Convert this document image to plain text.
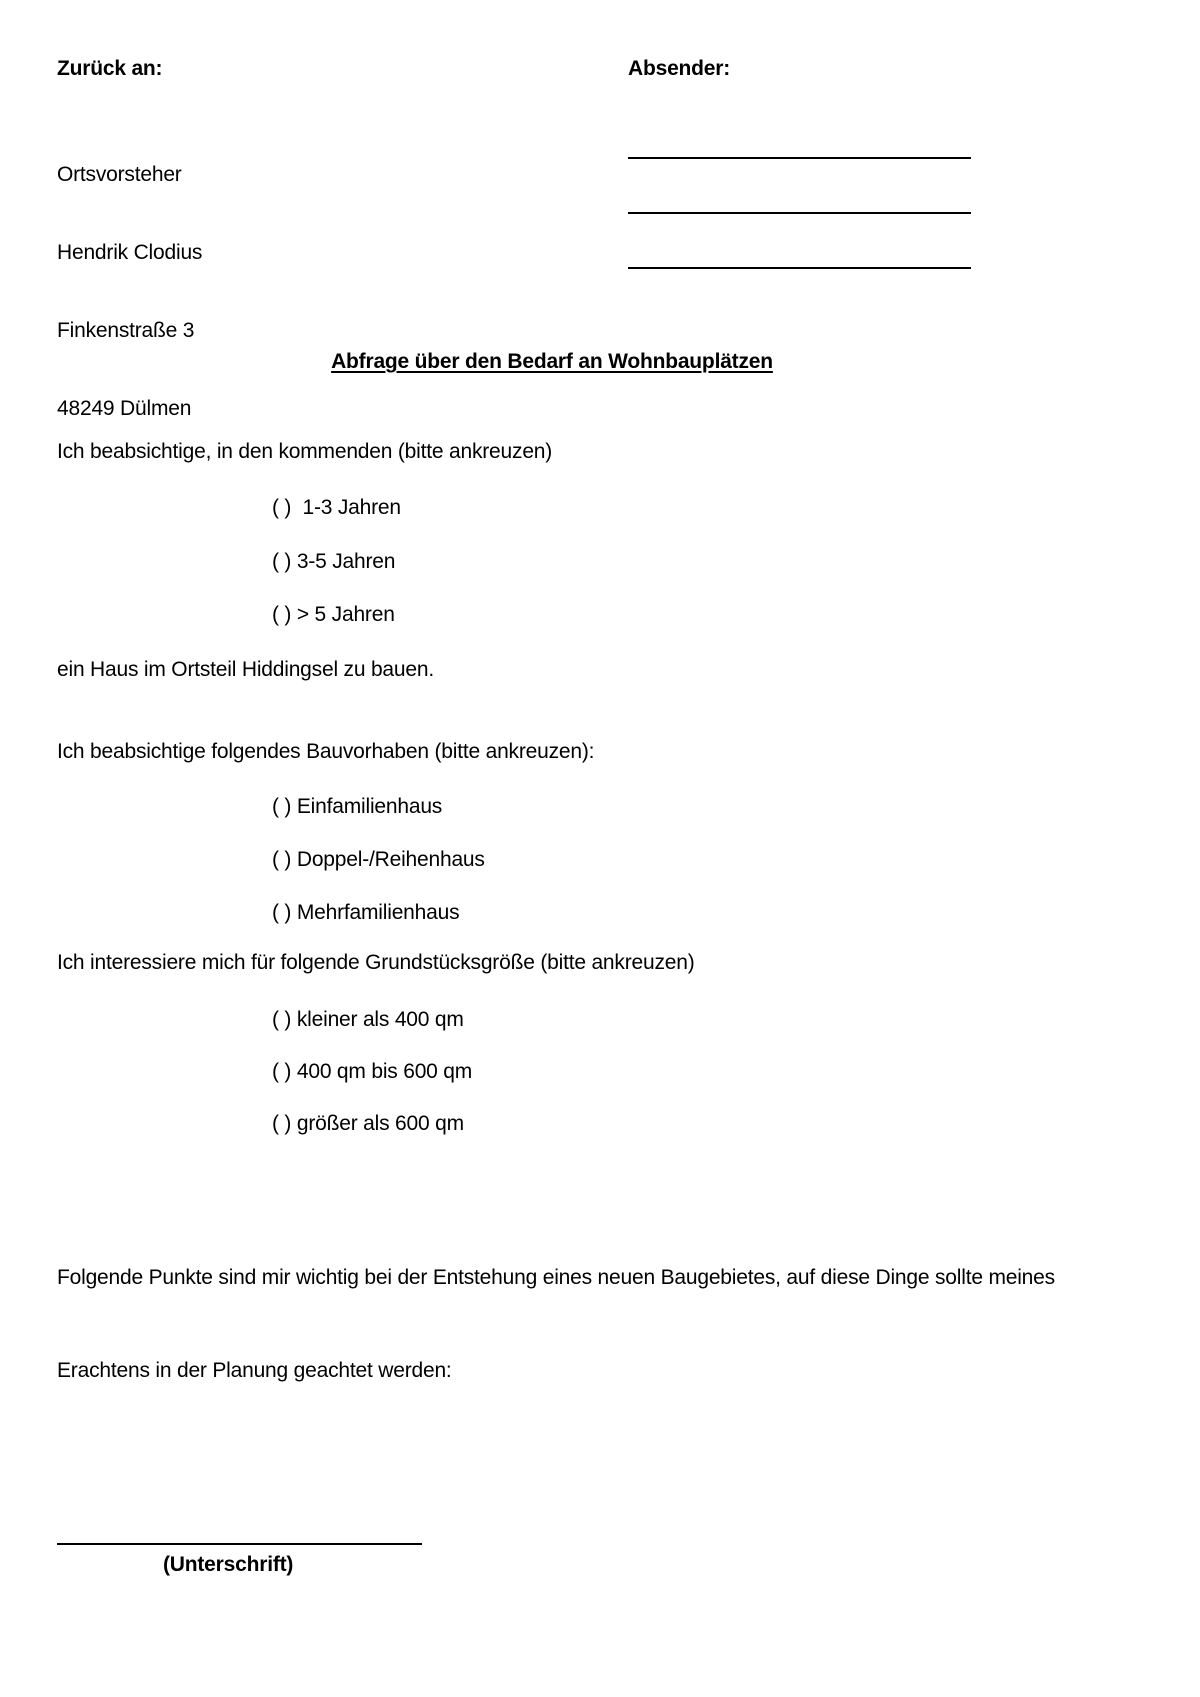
Zurück an:

Ortsvorsteher

Hendrik Clodius

Finkenstraße 3

48249 Dülmen

Absender:
Abfrage über den Bedarf an Wohnbauplätzen
Ich beabsichtige, in den kommenden (bitte ankreuzen)
( )  1-3 Jahren
( ) 3-5 Jahren
( ) > 5 Jahren
ein Haus im Ortsteil Hiddingsel zu bauen.
Ich beabsichtige folgendes Bauvorhaben (bitte ankreuzen):
( ) Einfamilienhaus
( ) Doppel-/Reihenhaus
( ) Mehrfamilienhaus
Ich interessiere mich für folgende Grundstücksgröße (bitte ankreuzen)
( ) kleiner als 400 qm
( ) 400 qm bis 600 qm
( ) größer als 600 qm

Folgende Punkte sind mir wichtig bei der Entstehung eines neuen Baugebietes, auf diese Dinge sollte meines

Erachtens in der Planung geachtet werden:

(Unterschrift)
